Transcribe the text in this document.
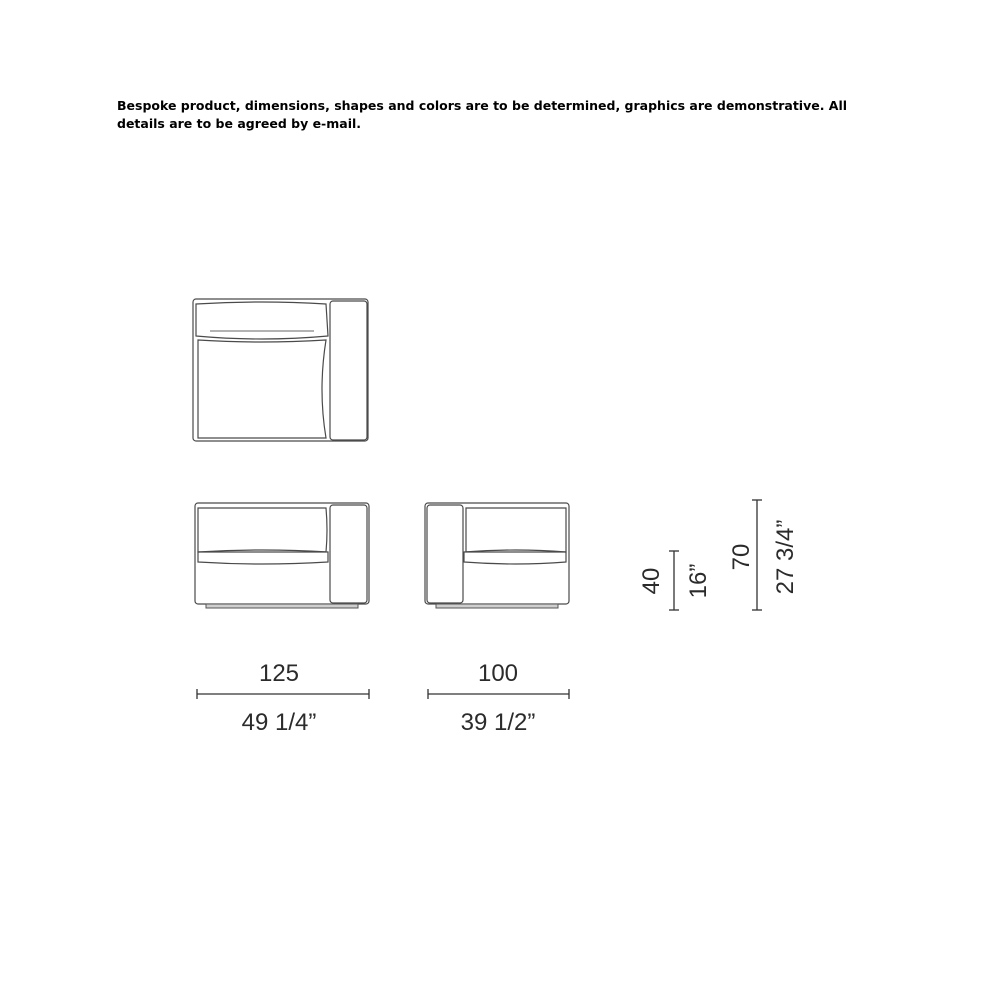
Bespoke product, dimensions, shapes and colors are to be determined, graphics are demonstrative. All details are to be agreed by e-mail.

40 16”
70 27 3/4”
125
49 1/4”
100
39 1/2”
